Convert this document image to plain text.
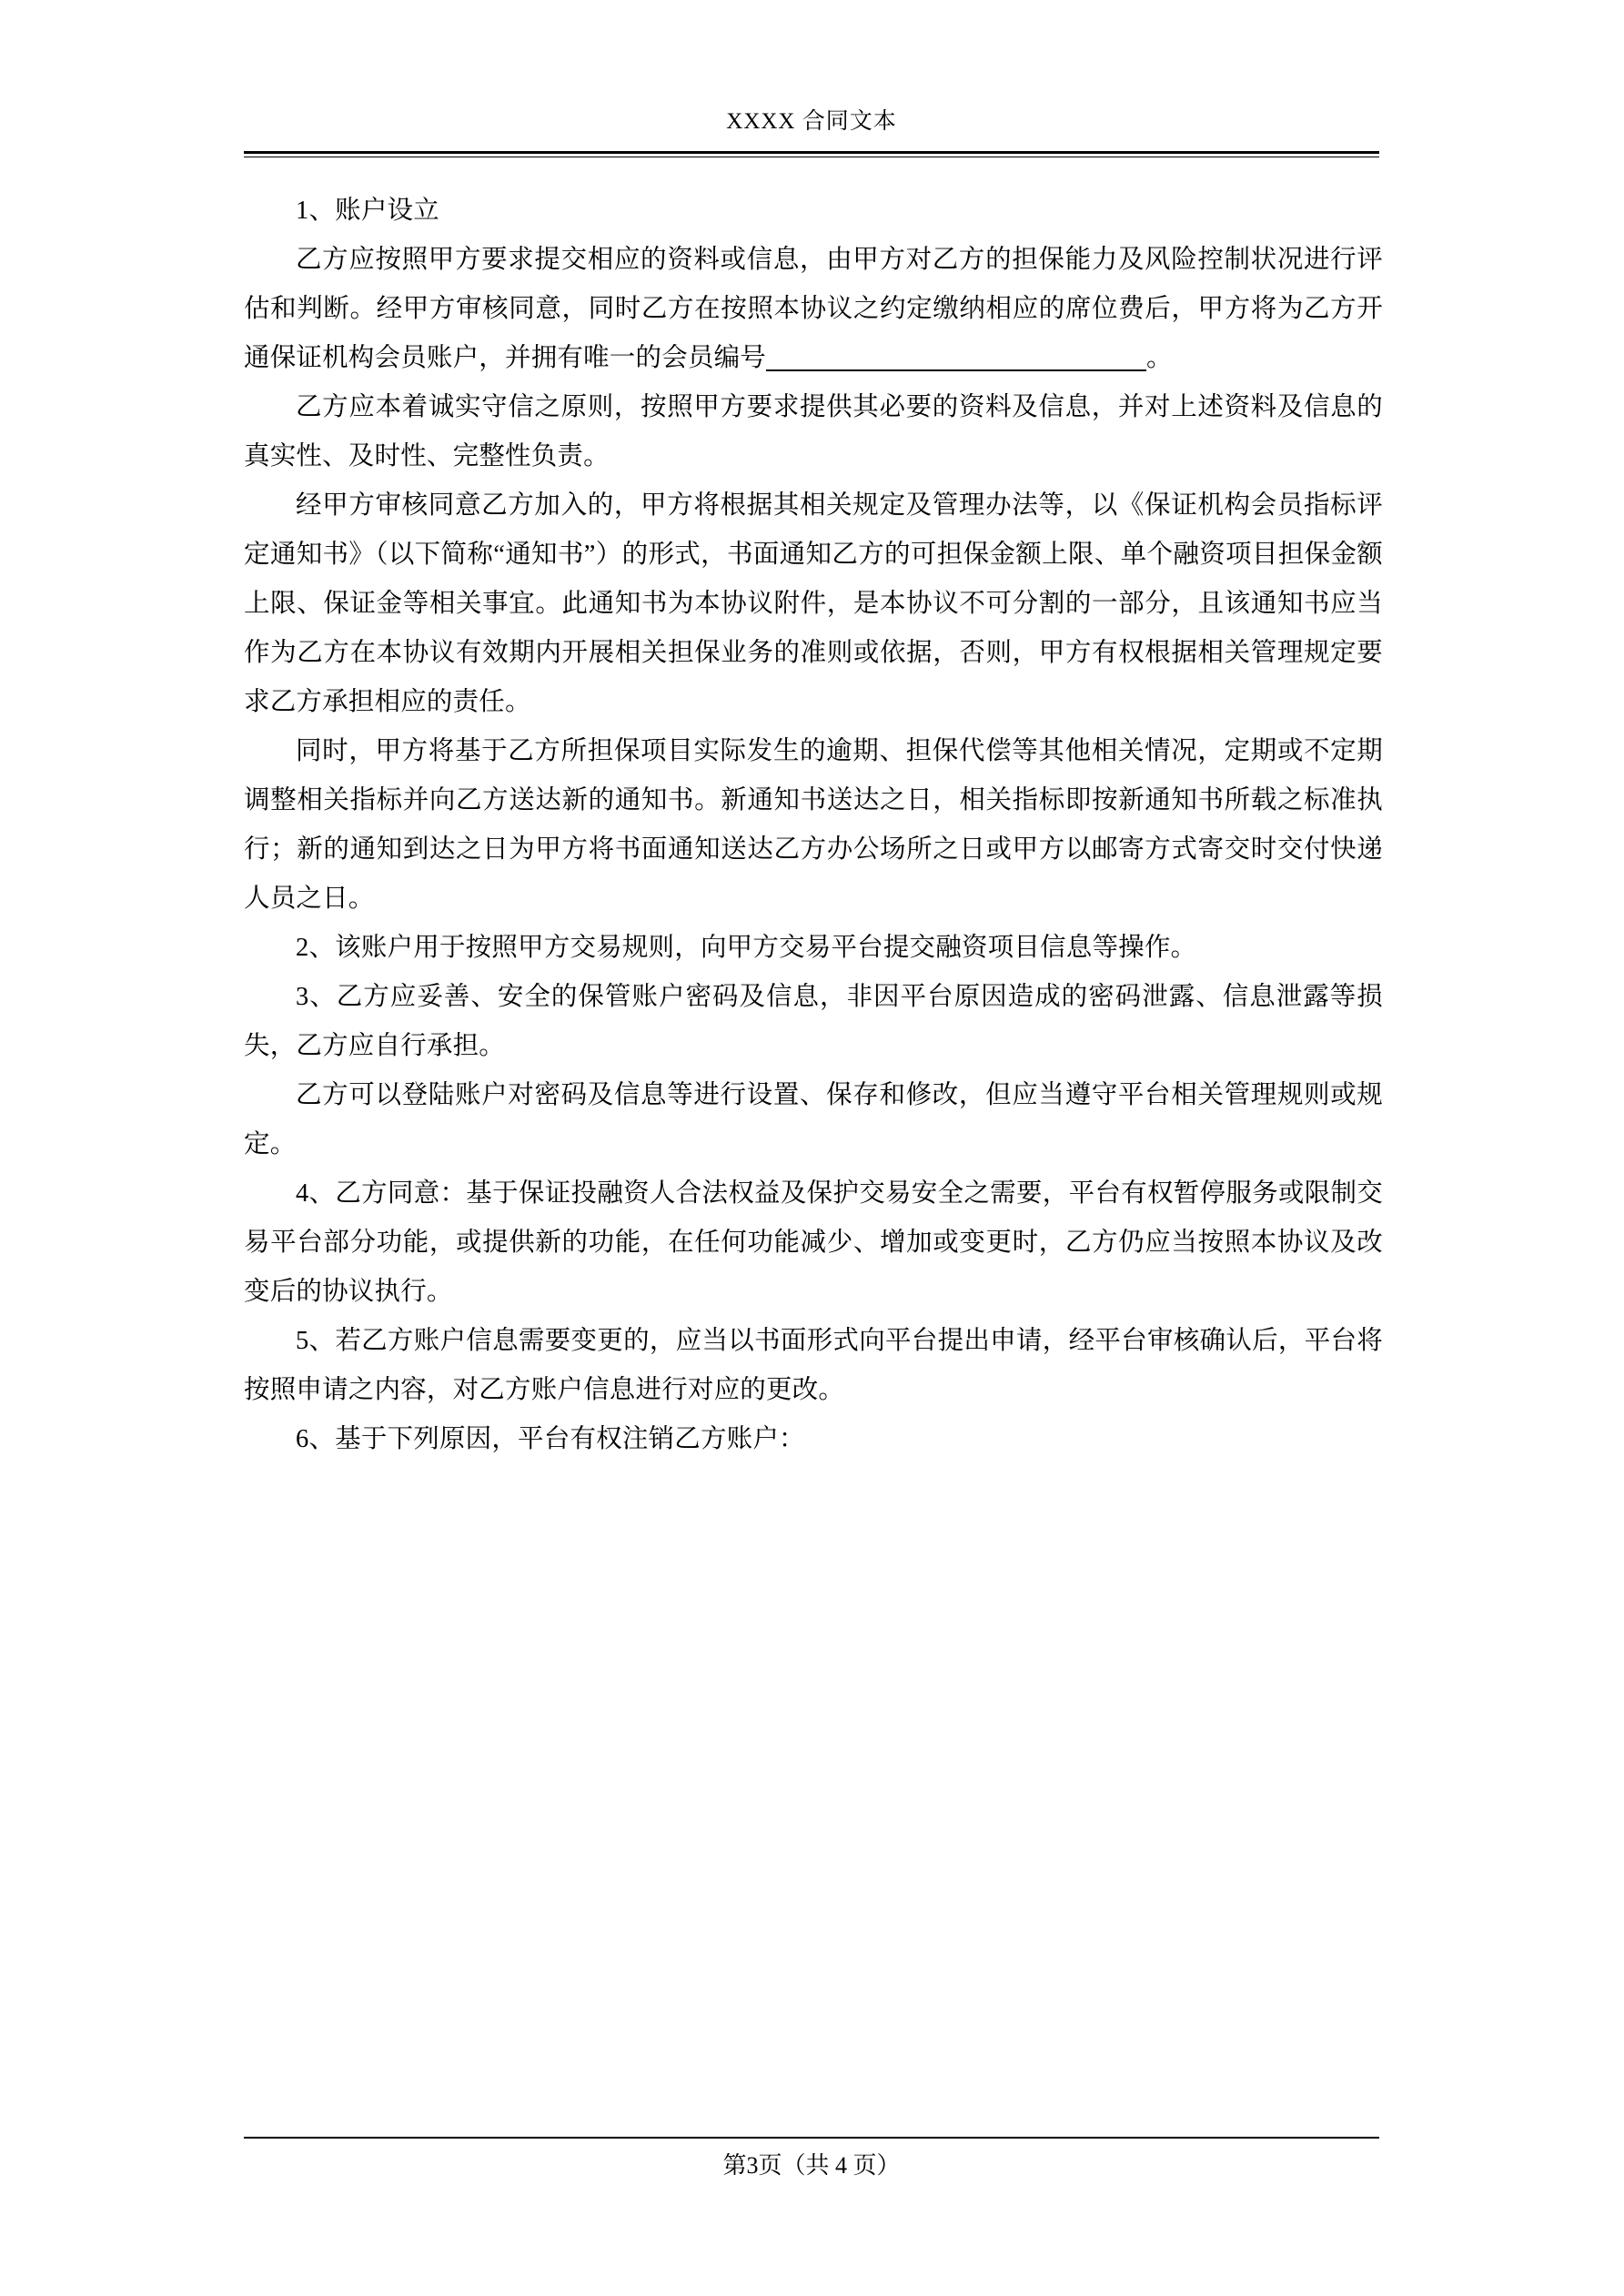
XXXX 合同文本

1、账户设立

乙方应按照甲方要求提交相应的资料或信息，由甲方对乙方的担保能力及风险控制状况进行评估和判断。经甲方审核同意，同时乙方在按照本协议之约定缴纳相应的席位费后，甲方将为乙方开通保证机构会员账户，并拥有唯一的会员编号	。

乙方应本着诚实守信之原则，按照甲方要求提供其必要的资料及信息，并对上述资料及信息的真实性、及时性、完整性负责。

经甲方审核同意乙方加入的，甲方将根据其相关规定及管理办法等，以《保证机构会员指标评定通知书》（以下简称“通知书”）的形式，书面通知乙方的可担保金额上限、单个融资项目担保金额上限、保证金等相关事宜。此通知书为本协议附件，是本协议不可分割的一部分，且该通知书应当作为乙方在本协议有效期内开展相关担保业务的准则或依据，否则，甲方有权根据相关管理规定要求乙方承担相应的责任。

同时，甲方将基于乙方所担保项目实际发生的逾期、担保代偿等其他相关情况，定期或不定期调整相关指标并向乙方送达新的通知书。新通知书送达之日，相关指标即按新通知书所载之标准执行；新的通知到达之日为甲方将书面通知送达乙方办公场所之日或甲方以邮寄方式寄交时交付快递人员之日。

2、该账户用于按照甲方交易规则，向甲方交易平台提交融资项目信息等操作。

3、乙方应妥善、安全的保管账户密码及信息，非因平台原因造成的密码泄露、信息泄露等损失，乙方应自行承担。

乙方可以登陆账户对密码及信息等进行设置、保存和修改，但应当遵守平台相关管理规则或规定。

4、乙方同意：基于保证投融资人合法权益及保护交易安全之需要，平台有权暂停服务或限制交易平台部分功能，或提供新的功能，在任何功能减少、增加或变更时，乙方仍应当按照本协议及改变后的协议执行。

5、若乙方账户信息需要变更的，应当以书面形式向平台提出申请，经平台审核确认后，平台将按照申请之内容，对乙方账户信息进行对应的更改。

6、基于下列原因，平台有权注销乙方账户：

第3页（共 4 页）
